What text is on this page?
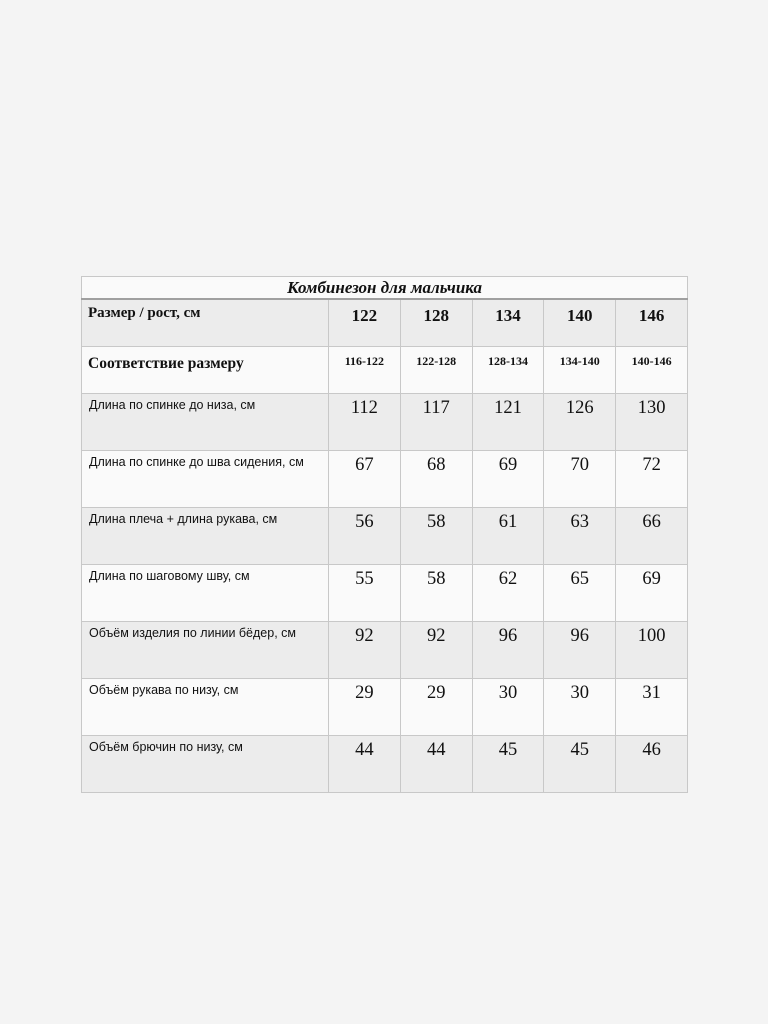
Комбинезон для мальчика					
Размер / рост, см	122	128	134	140	146
Соответствие размеру	116-122	122-128	128-134	134-140	140-146
Длина по спинке до низа, см	112	117	121	126	130
Длина по спинке до шва сидения, см	67	68	69	70	72
Длина плеча + длина рукава, см	56	58	61	63	66
Длина по шаговому шву, см	55	58	62	65	69
Объём изделия по линии бёдер, см	92	92	96	96	100
Объём рукава по низу, см	29	29	30	30	31
Объём брючин по низу, см	44	44	45	45	46
